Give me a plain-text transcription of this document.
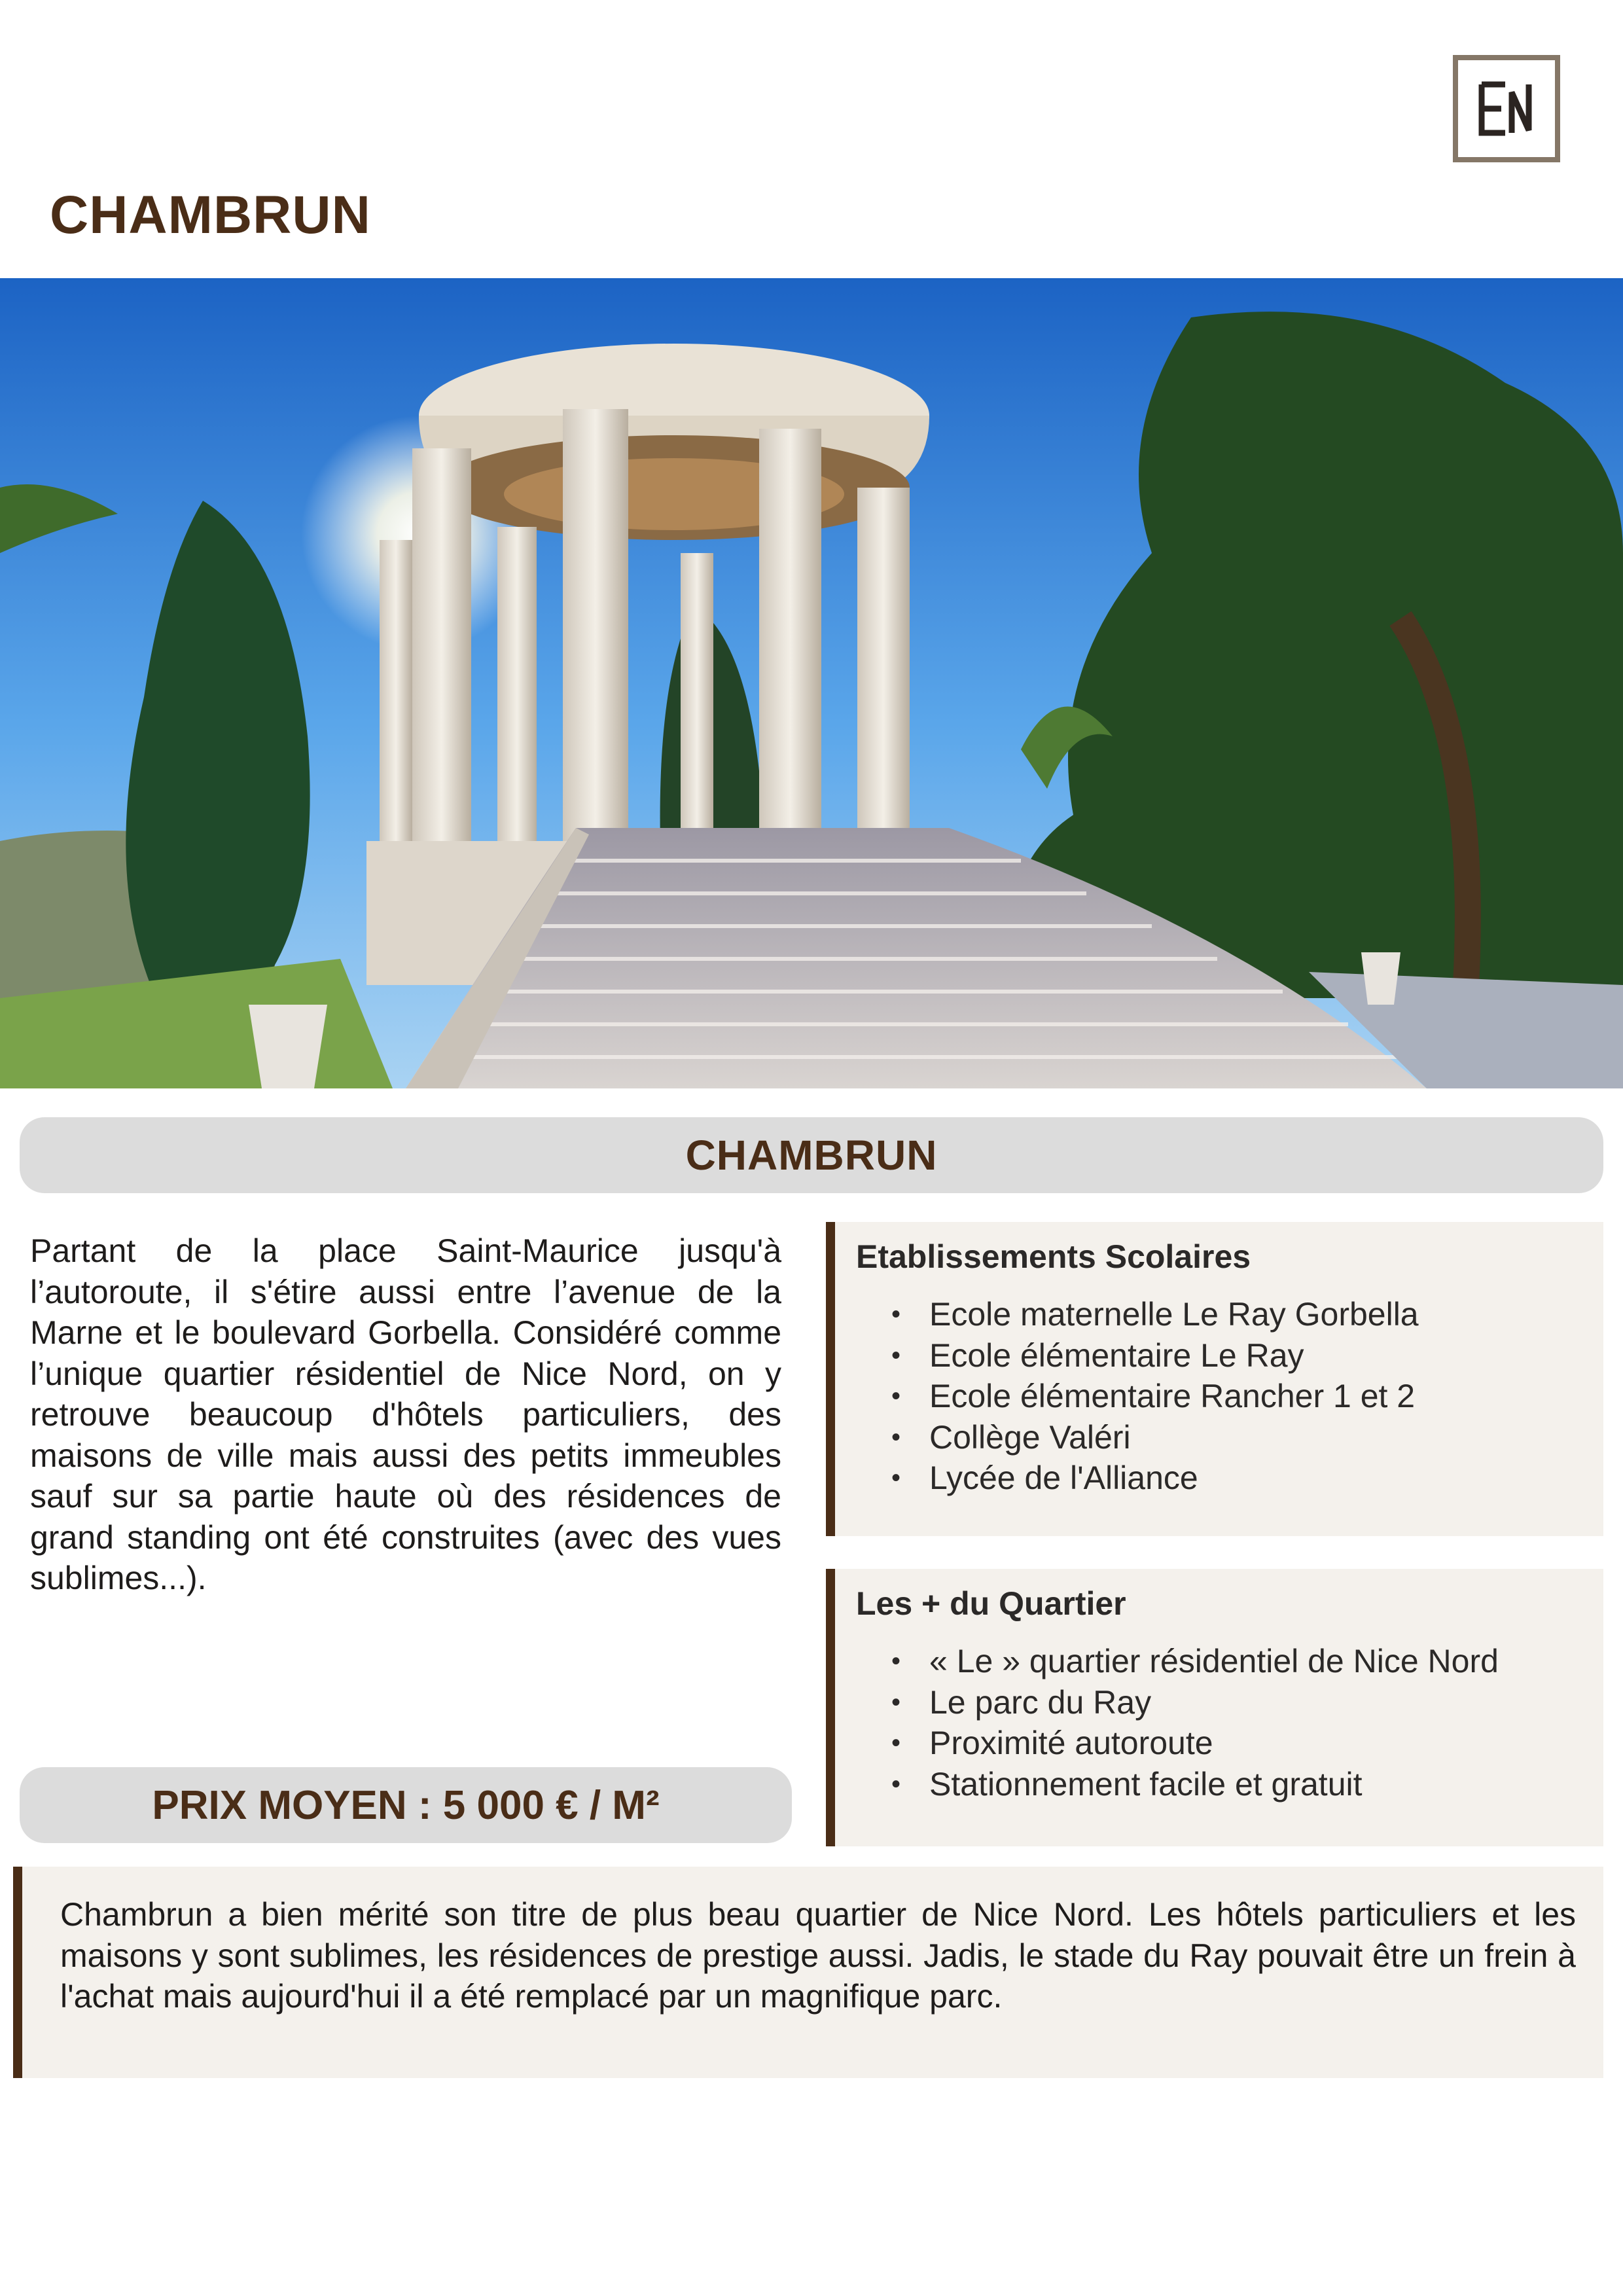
CHAMBRUN
CHAMBRUN

Partant de la place Saint-Maurice jusqu'à l’autoroute, il s'étire aussi entre l’avenue de la Marne et le boulevard Gorbella. Considéré comme l’unique quartier résidentiel de Nice Nord, on y retrouve beaucoup d'hôtels particuliers, des maisons de ville mais aussi des petits immeubles sauf sur sa partie haute où des résidences de grand standing ont été construites (avec des vues sublimes...).

Etablissements Scolaires
• Ecole maternelle Le Ray Gorbella
• Ecole élémentaire Le Ray
• Ecole élémentaire Rancher 1 et 2
• Collège Valéri
• Lycée de l'Alliance
Les + du Quartier
• « Le » quartier résidentiel de Nice Nord
• Le parc du Ray
• Proximité autoroute
• Stationnement facile et gratuit
PRIX MOYEN : 5 000 € / M²

Chambrun a bien mérité son titre de plus beau quartier de Nice Nord. Les hôtels particuliers et les maisons y sont sublimes, les résidences de prestige aussi. Jadis, le stade du Ray pouvait être un frein à l'achat mais aujourd'hui il a été remplacé par un magnifique parc.
